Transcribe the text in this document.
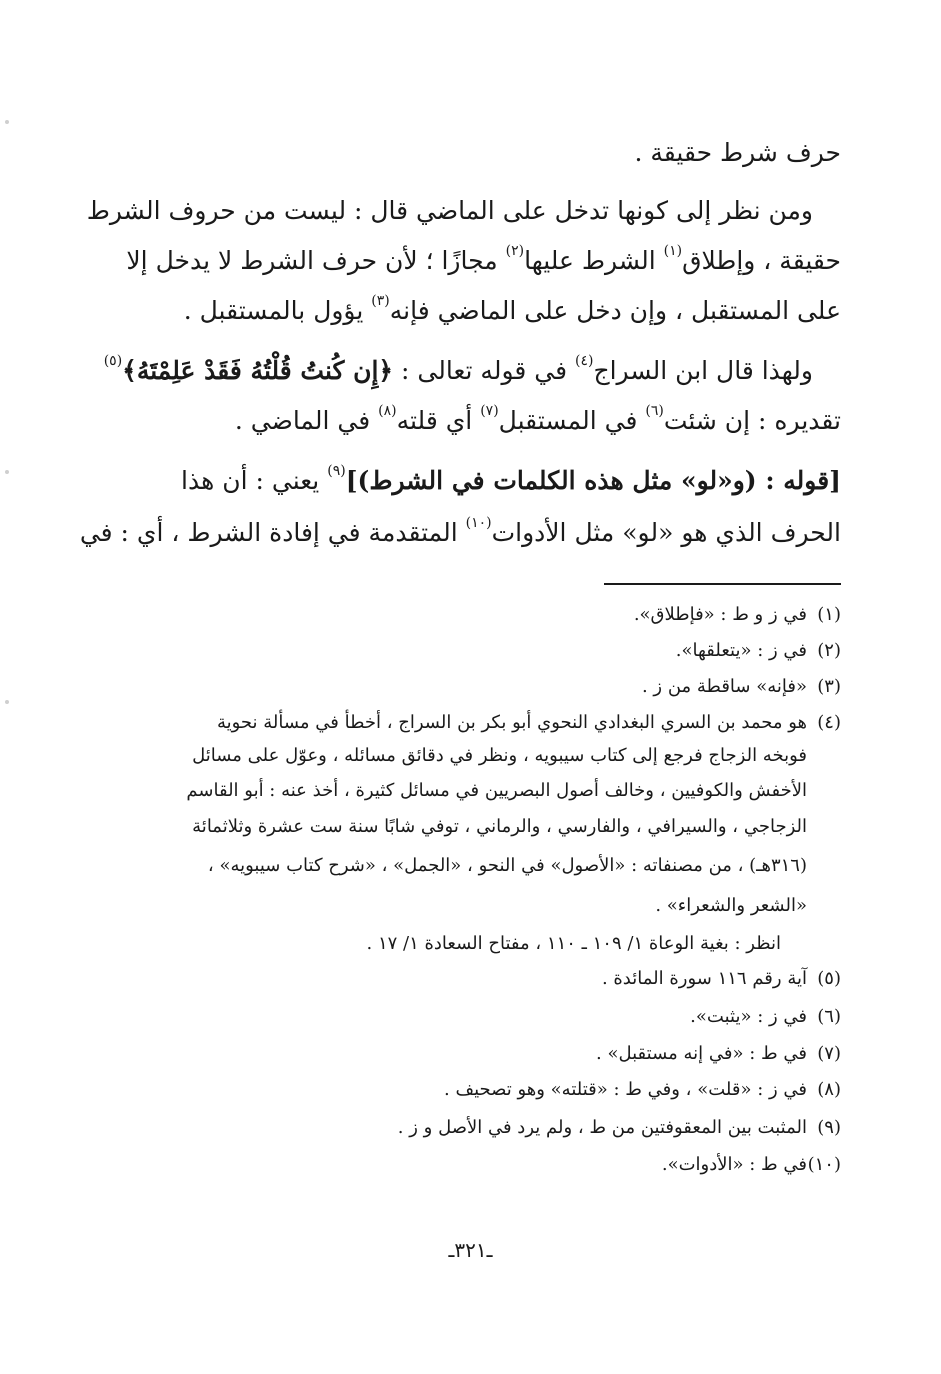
حرف شرط حقيقة .
ومن نظر إلى كونها تدخل على الماضي قال : ليست من حروف الشرط
حقيقة ، وإطلاق$^{(١)}$ الشرط عليها$^{(٢)}$ مجازًا ؛ لأن حرف الشرط لا يدخل إلا
على المستقبل ، وإن دخل على الماضي فإنه$^{(٣)}$ يؤول بالمستقبل .
ولهذا قال ابن السراج$^{(٤)}$ في قوله تعالى : ﴿إِن كُنتُ قُلْتُهُ فَقَدْ عَلِمْتَهُ﴾$^{(٥)}$
تقديره : إن شئت$^{(٦)}$ في المستقبل$^{(٧)}$ أي قلته$^{(٨)}$ في الماضي .
[قوله : (و«لو» مثل هذه الكلمات في الشرط)]$^{(٩)}$ يعني : أن هذا
الحرف الذي هو «لو» مثل الأدوات$^{(١٠)}$ المتقدمة في إفادة الشرط ، أي : في
(١)في ز و ط : «فإطلاق».
(٢)في ز : «يتعلقها».
(٣)«فإنه» ساقطة من ز .
(٤)هو محمد بن السري البغدادي النحوي أبو بكر بن السراج ، أخطأ في مسألة نحوية
فوبخه الزجاج فرجع إلى كتاب سيبويه ، ونظر في دقائق مسائله ، وعوّل على مسائل
الأخفش والكوفيين ، وخالف أصول البصريين في مسائل كثيرة ، أخذ عنه : أبو القاسم
الزجاجي ، والسيرافي ، والفارسي ، والرماني ، توفي شابًا سنة ست عشرة وثلاثمائة
(٣١٦هـ) ، من مصنفاته : «الأصول» في النحو ، «الجمل» ، «شرح كتاب سيبويه» ،
«الشعر والشعراء» .
انظر : بغية الوعاة ١/ ١٠٩ ـ ١١٠ ، مفتاح السعادة ١/ ١٧ .
(٥)آية رقم ١١٦ سورة المائدة .
(٦)في ز : «يثبت».
(٧)في ط : «في إنه مستقبل» .
(٨)في ز : «قلت» ، وفي ط : «قتلته» وهو تصحيف .
(٩)المثبت بين المعقوفتين من ط ، ولم يرد في الأصل و ز .
(١٠)في ط : «الأدوات».
ـ٣٢١ـ
